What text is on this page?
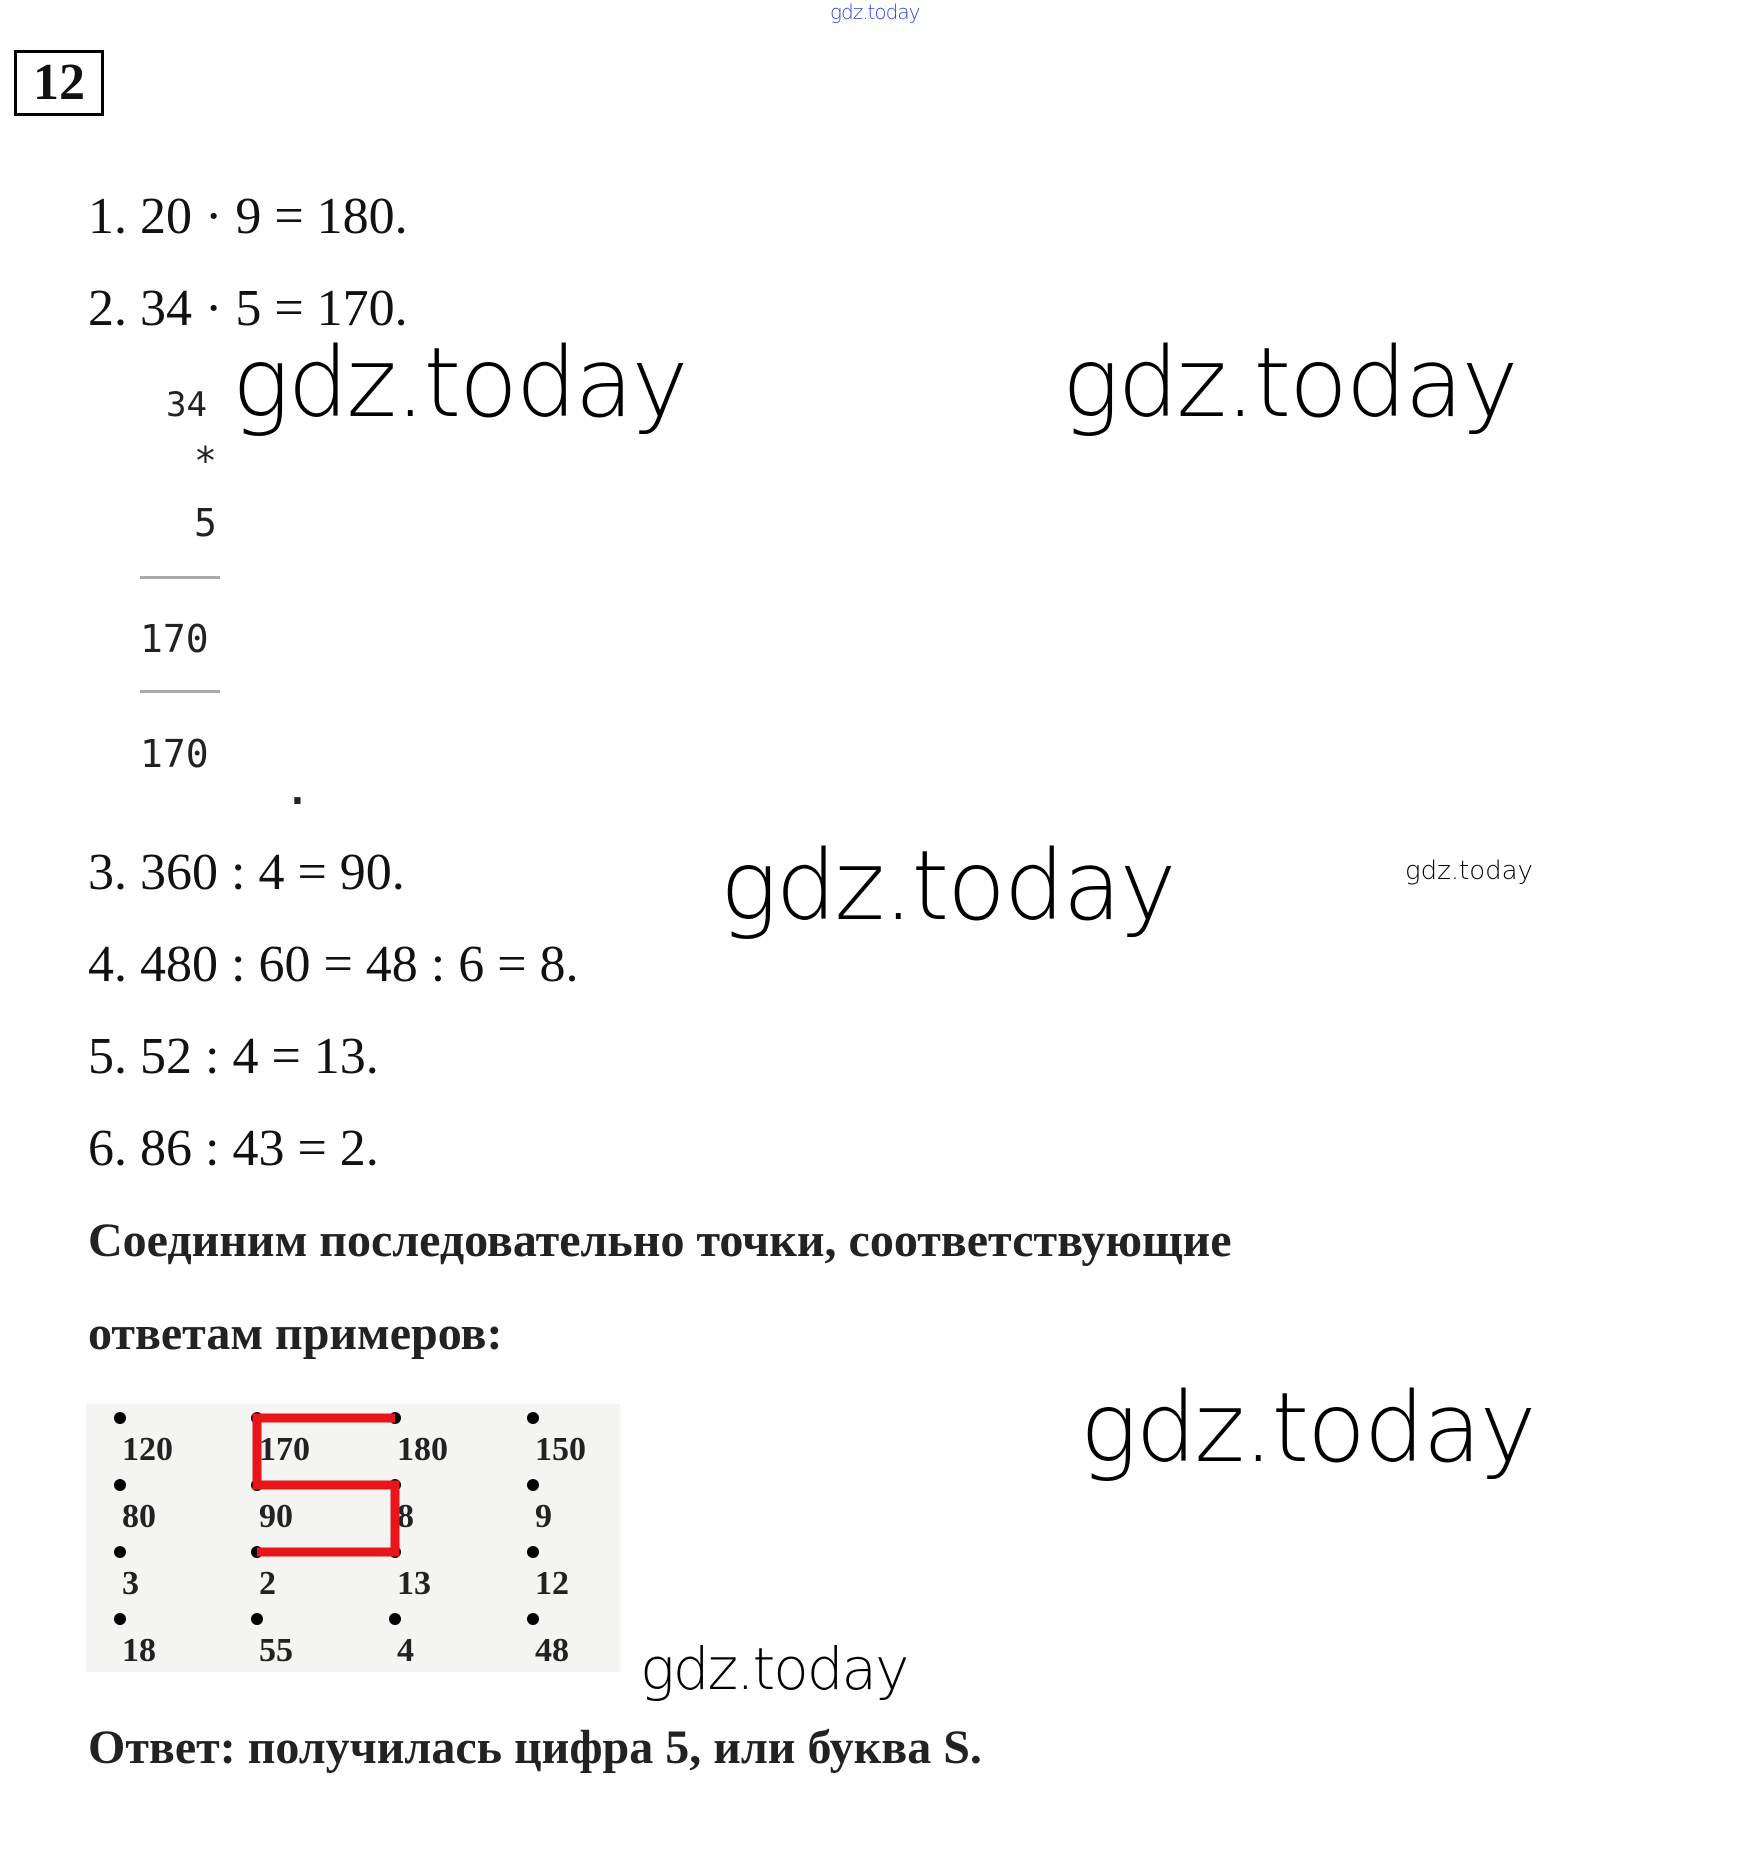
gdz.today
12
1. 20 · 9 = 180.
2. 34 · 5 = 170.
34
*
5
170
170
.
gdz.today	gdz.today
3. 360 : 4 = 90.
4. 480 : 60 = 48 : 6 = 8.
5. 52 : 4 = 13.
6. 86 : 43 = 2.
gdz.today	gdz.today
Соединим последовательно точки, соответствующие
ответам примеров:
gdz.today
120	170	180	150
80	90	8	9
3	2	13	12
18	55	4	48 gdz.today
Ответ: получилась цифра 5, или буква S.
